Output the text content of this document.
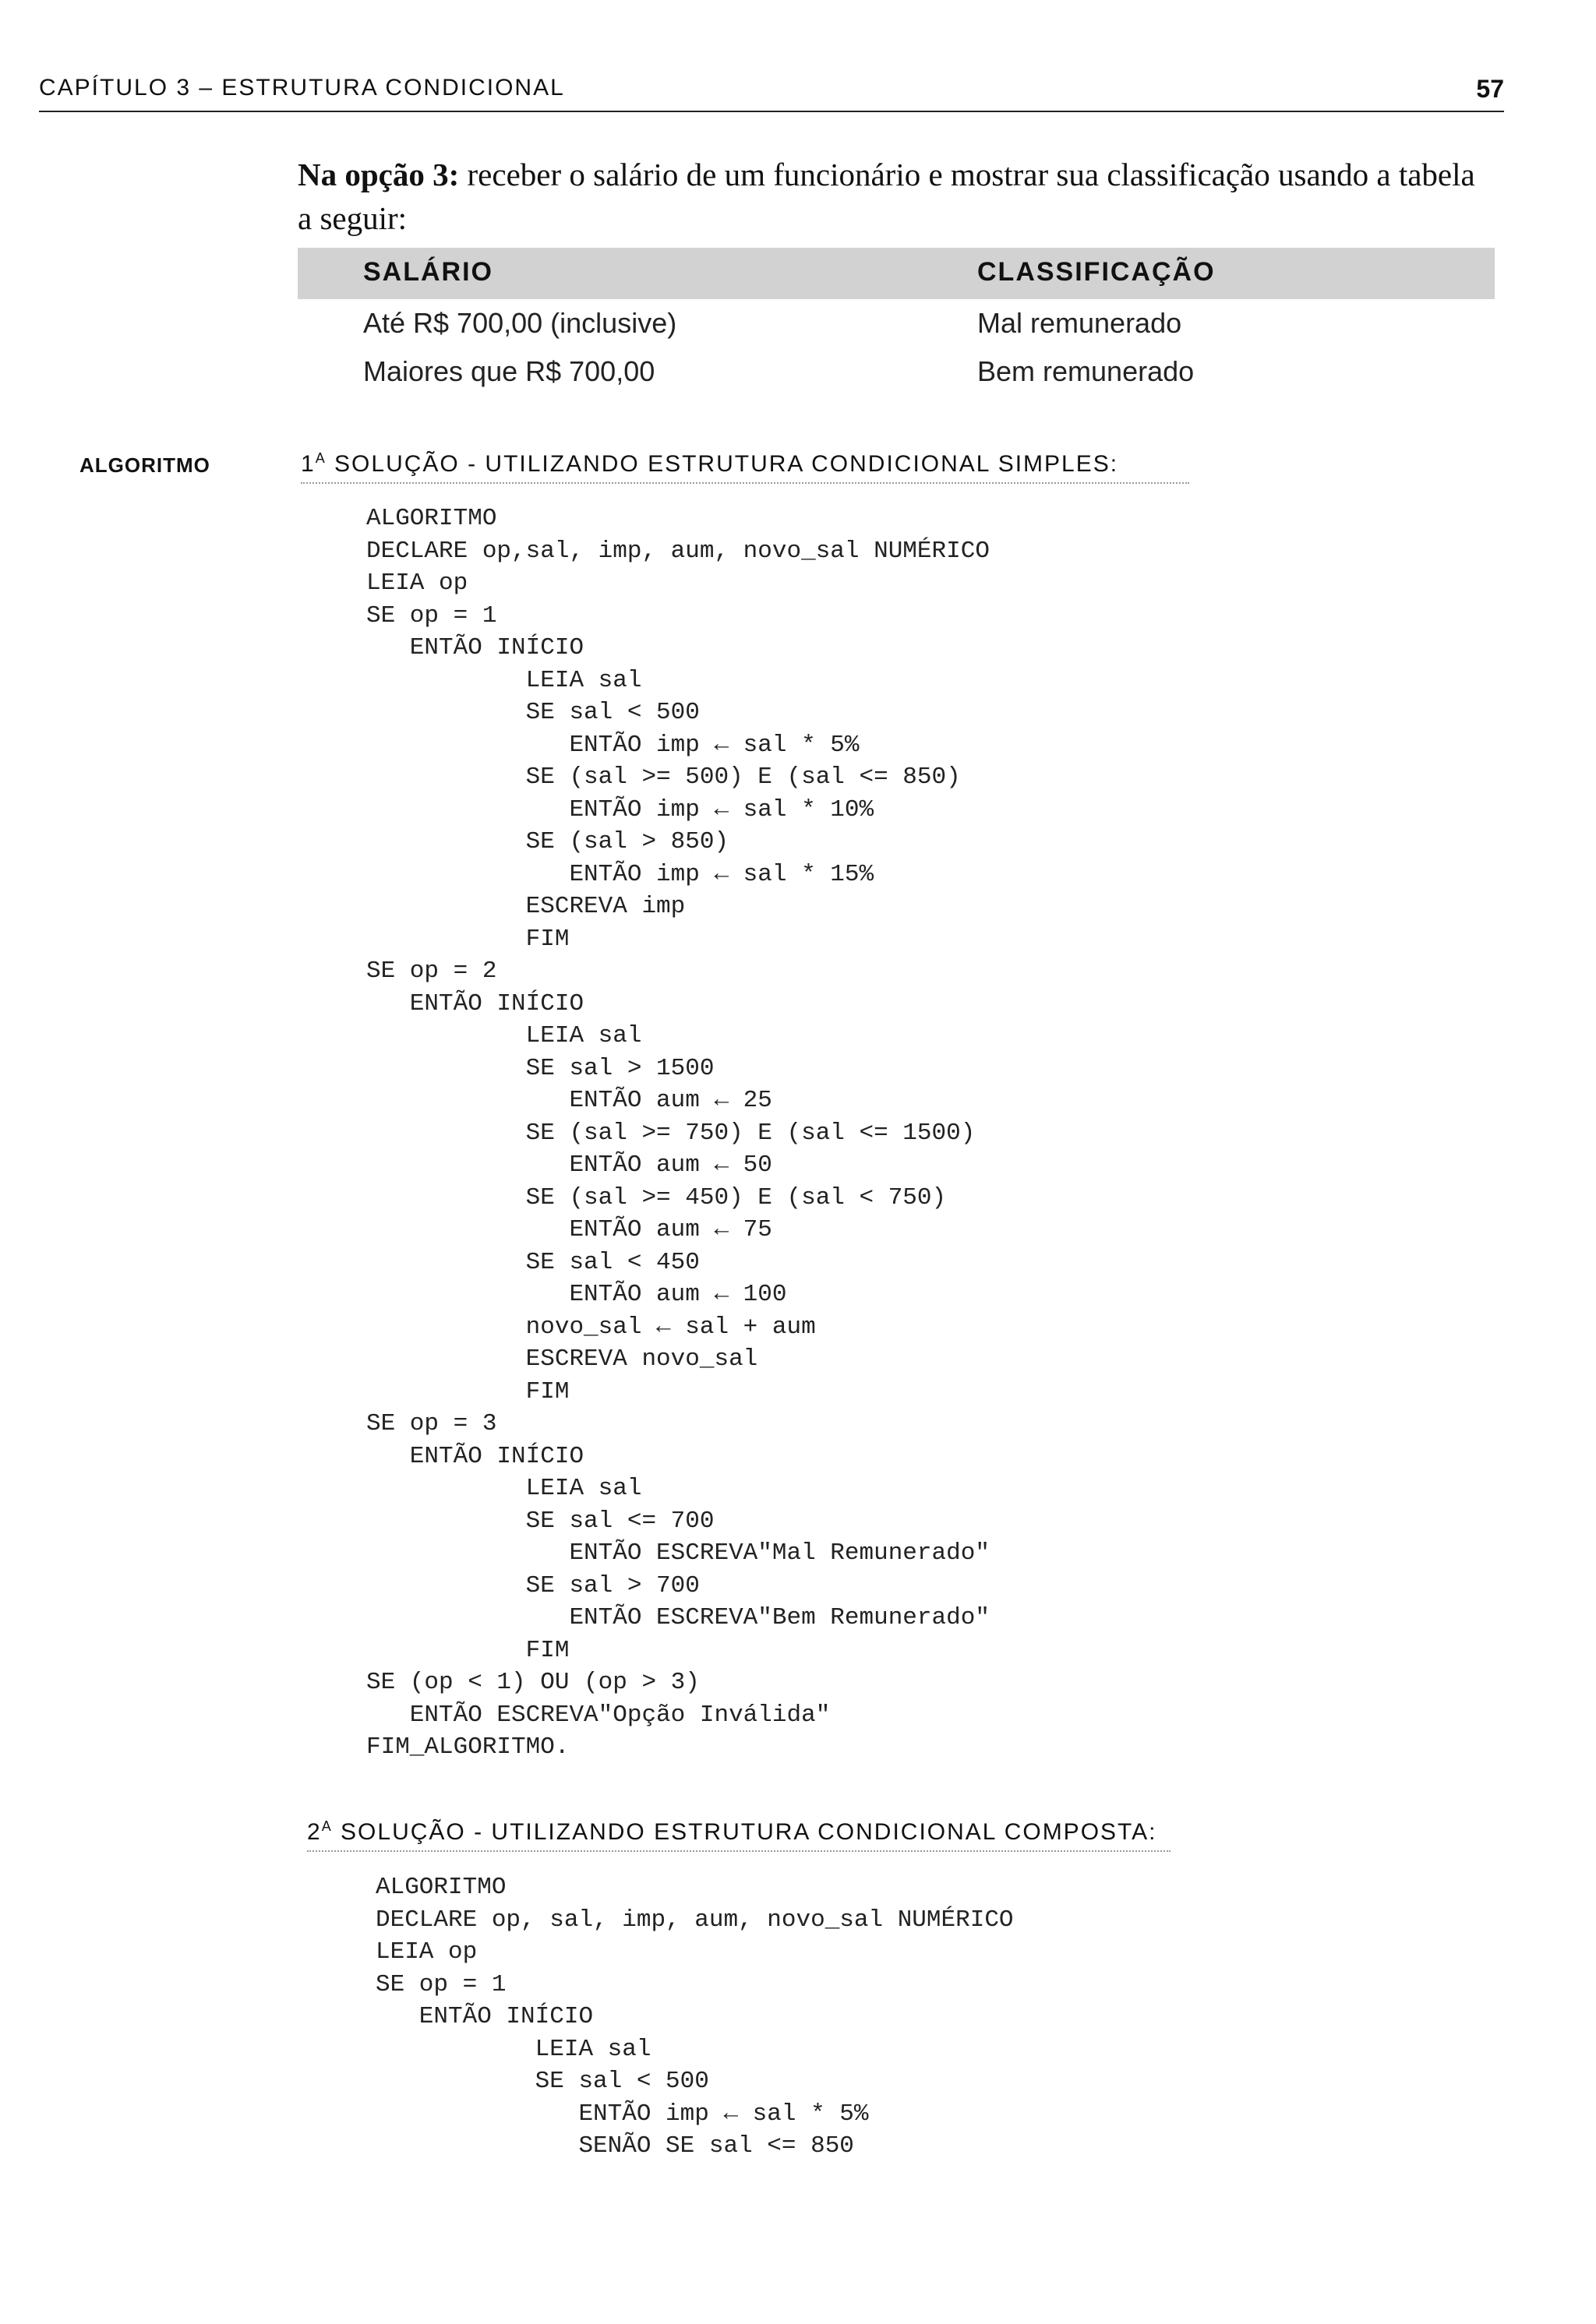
CAPÍTULO 3 – ESTRUTURA CONDICIONAL	57

Na opção 3: receber o salário de um funcionário e mostrar sua classificação usando a tabela a seguir:

SALÁRIO	CLASSIFICAÇÃO
Até R$ 700,00 (inclusive)	Mal remunerado
Maiores que R$ 700,00	Bem remunerado
ALGORITMO	$1^A$ SOLUÇÃO - UTILIZANDO ESTRUTURA CONDICIONAL SIMPLES:
ALGORITMO
DECLARE op,sal, imp, aum, novo_sal NUMÉRICO
LEIA op
SE op = 1
ENTÃO INÍCIO
LEIA sal
SE sal < 500
ENTÃO imp ← sal * 5%
SE (sal >= 500) E (sal <= 850)
ENTÃO imp ← sal * 10%
SE (sal > 850)
ENTÃO imp ← sal * 15%
ESCREVA imp
FIM
SE op = 2
ENTÃO INÍCIO
LEIA sal
SE sal > 1500
ENTÃO aum ← 25
SE (sal >= 750) E (sal <= 1500)
ENTÃO aum ← 50
SE (sal >= 450) E (sal < 750)
ENTÃO aum ← 75
SE sal < 450
ENTÃO aum ← 100
novo_sal ← sal + aum
ESCREVA novo_sal
FIM
SE op = 3
ENTÃO INÍCIO
LEIA sal
SE sal <= 700
ENTÃO ESCREVA"Mal Remunerado"
SE sal > 700
ENTÃO ESCREVA"Bem Remunerado"
FIM
SE (op < 1) OU (op > 3)
ENTÃO ESCREVA"Opção Inválida"
FIM_ALGORITMO.
$2^A$ SOLUÇÃO - UTILIZANDO ESTRUTURA CONDICIONAL COMPOSTA:
ALGORITMO
DECLARE op, sal, imp, aum, novo_sal NUMÉRICO
LEIA op
SE op = 1
ENTÃO INÍCIO
LEIA sal
SE sal < 500
ENTÃO imp ← sal * 5%
SENÃO SE sal <= 850
